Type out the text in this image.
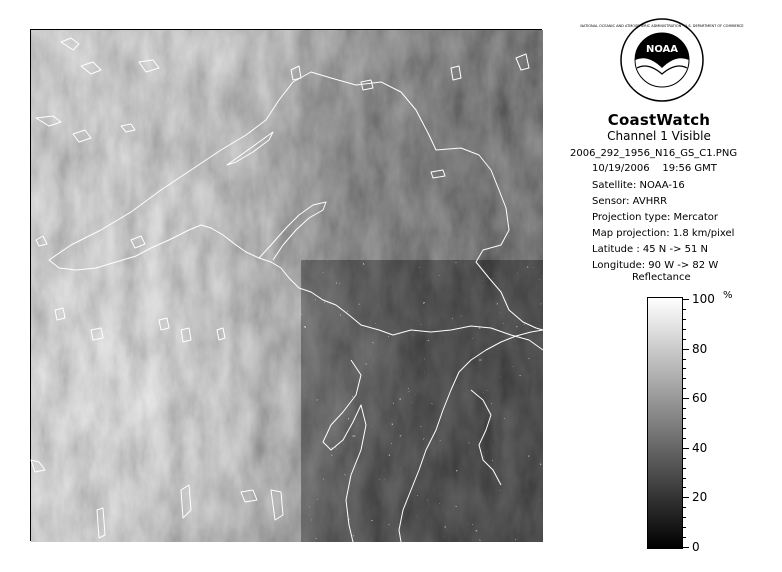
NOAA
NATIONAL OCEANIC AND ATMOSPHERIC ADMINISTRATION · U.S. DEPARTMENT OF COMMERCE
CoastWatch
Channel 1 Visible
2006_292_1956_N16_GS_C1.PNG
10/19/2006 19:56 GMT
Satellite: NOAA-16
Sensor: AVHRR
Projection type: Mercator
Map projection: 1.8 km/pixel
Latitude : 45 N -> 51 N
Longitude: 90 W -> 82 W
Reflectance
%
100
80
60
40
20
0
